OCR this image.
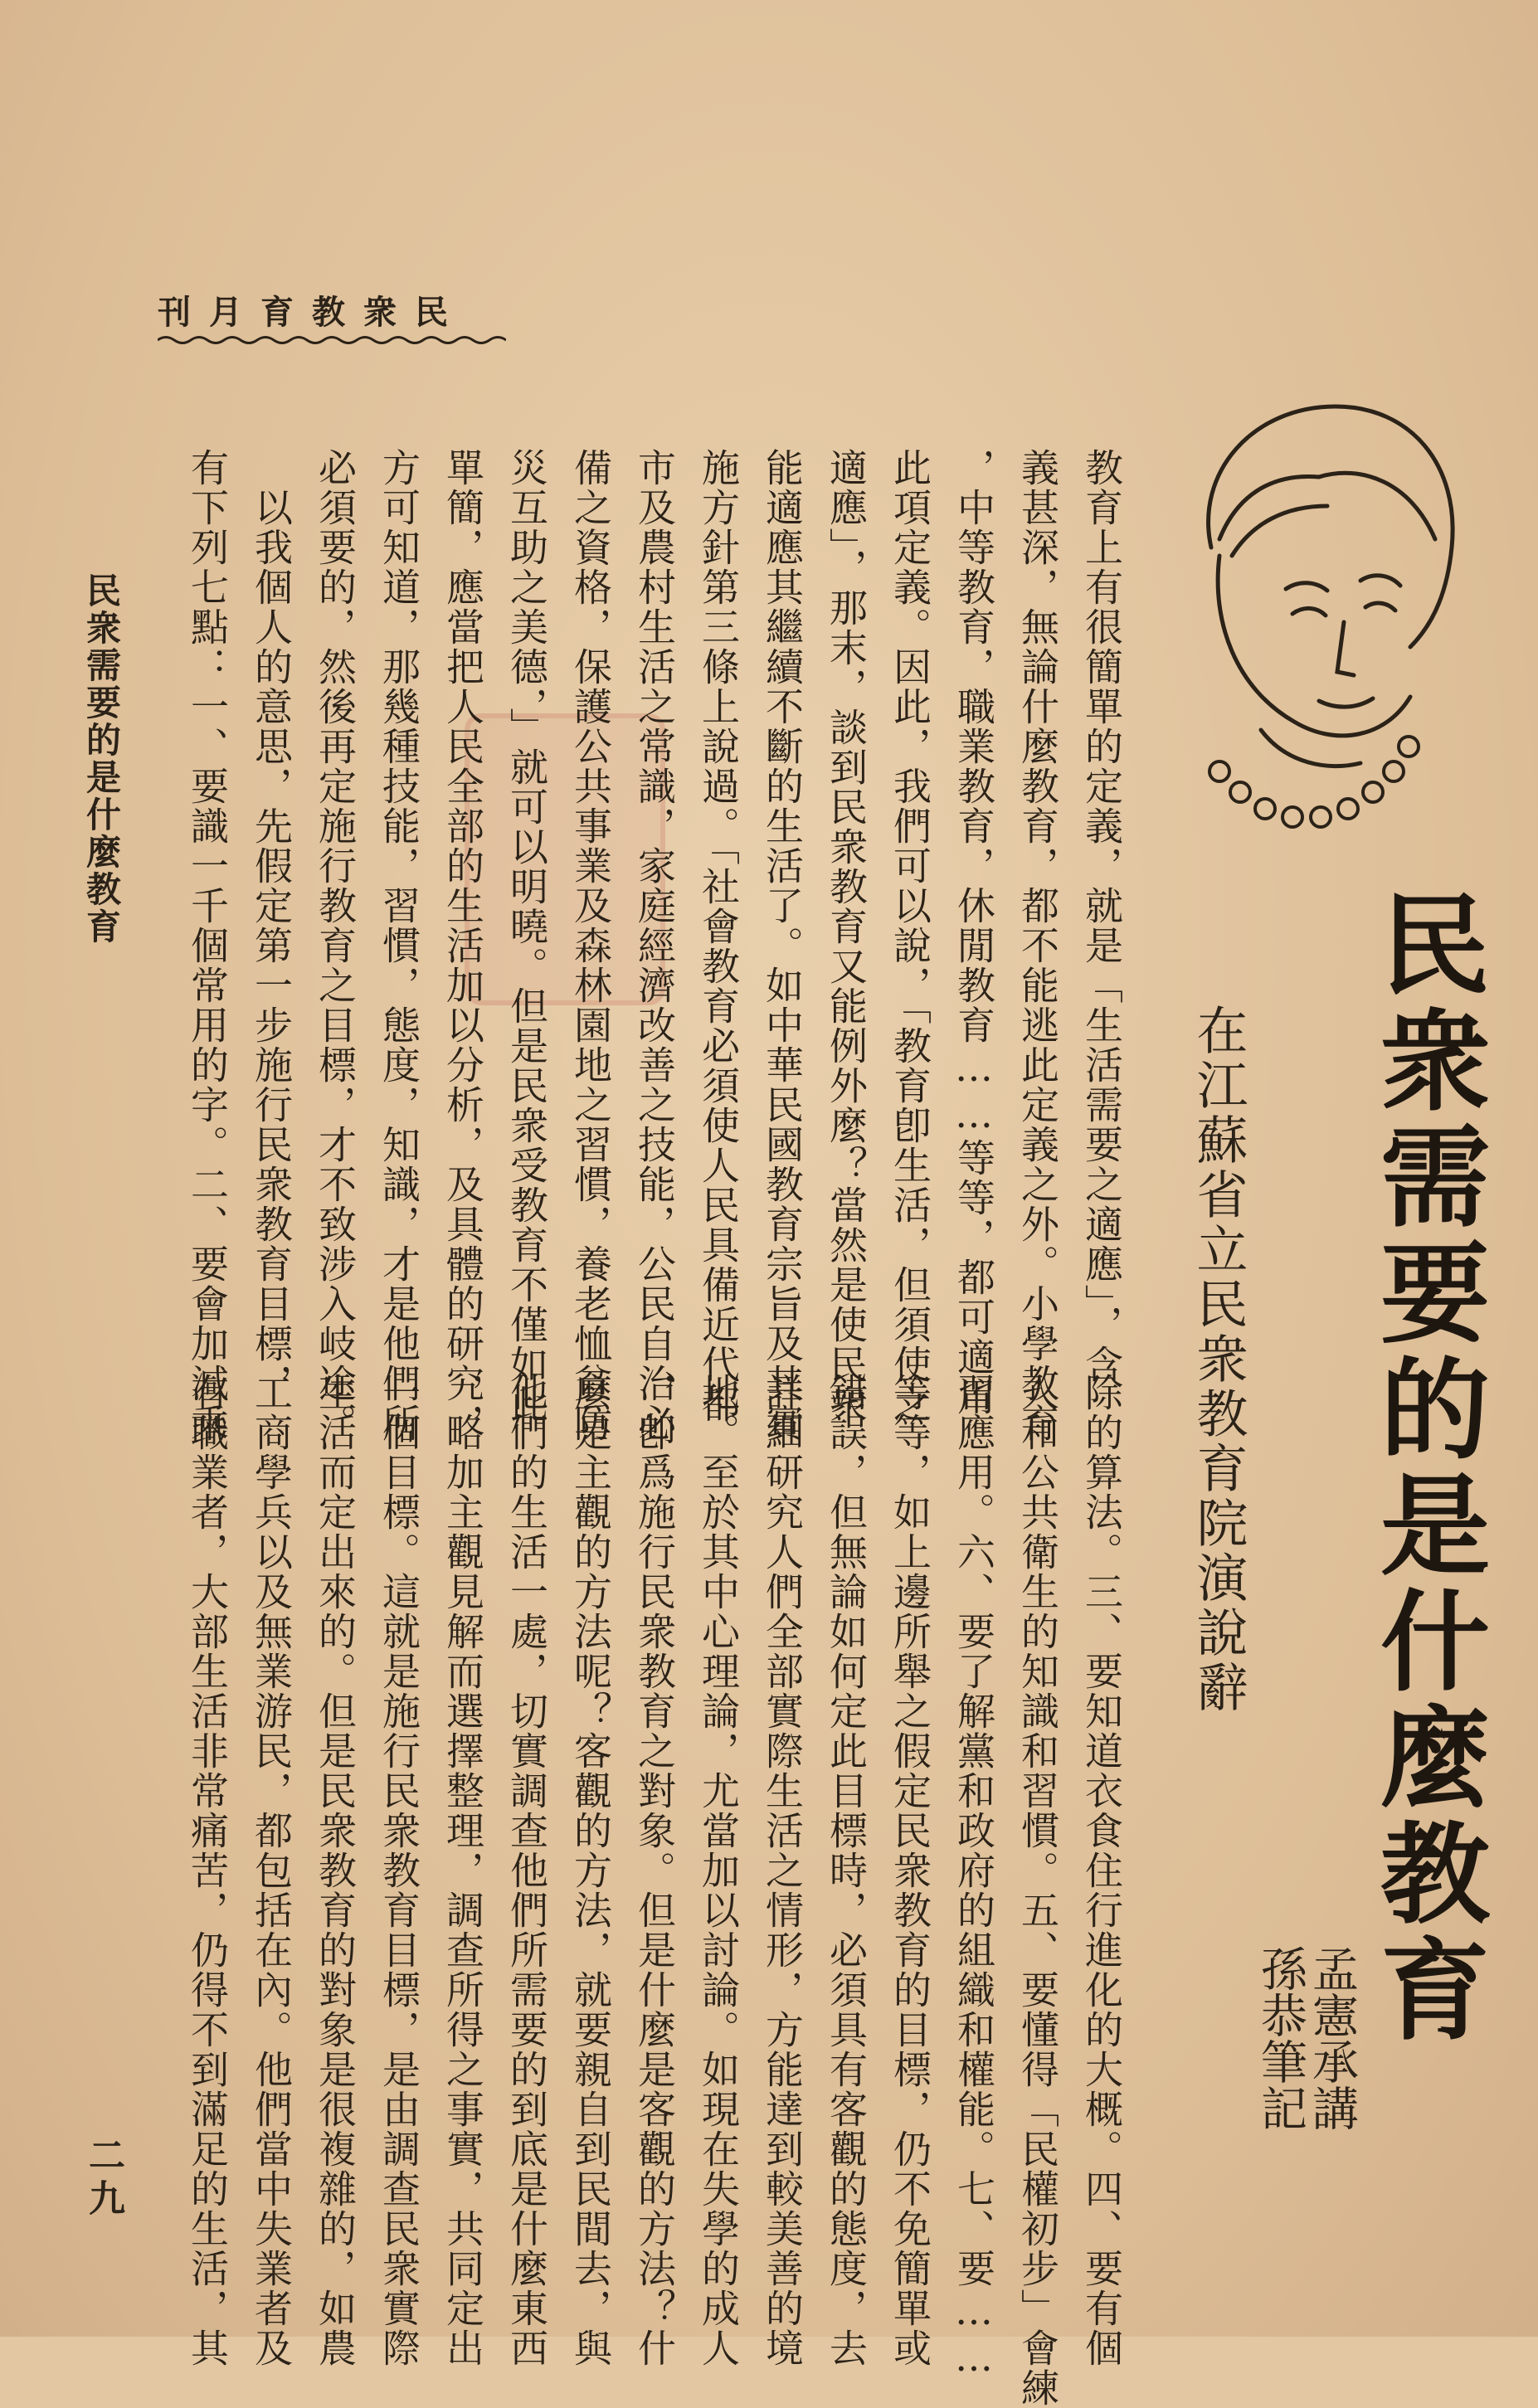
刊月育教衆民
民衆需要的是什麼教育
在江蘇省立民衆教育院演說辭
孟憲承講
孫恭筆記
教育上有很簡單的定義，就是「生活需要之適應」，含
義甚深，無論什麼教育，都不能逃此定義之外。小學教育
，中等教育，職業教育，休閒教育……等等，都可適用
此項定義。因此，我們可以說，「教育卽生活，但須使之
適應」，那末，談到民衆教育又能例外麼？當然是使民衆
能適應其繼續不斷的生活了。如中華民國教育宗旨及其實
施方針第三條上說過。「社會教育必須使人民具備近代都
市及農村生活之常識，家庭經濟改善之技能，公民自治必
備之資格，保護公共事業及森林園地之習慣，養老恤貧防
災互助之美德，」就可以明曉。但是民衆受教育不僅如此
單簡，應當把人民全部的生活加以分析，及具體的研究，
方可知道，那幾種技能，習慣，態度，知識，才是他們所
必須要的，然後再定施行教育之目標，才不致涉入岐途。
　以我個人的意思，先假定第一步施行民衆教育目標，
有下列七點：一、要識一千個常用的字。二、要會加減乘
除的算法。三、要知道衣食住行進化的大概。四、要有個
人和公共衛生的知識和習慣。五、要懂得「民權初步」會練
習應用。六、要了解黨和政府的組織和權能。七、要……
等等，如上邊所舉之假定民衆教育的目標，仍不免簡單或
錯誤，但無論如何定此目標時，必須具有客觀的態度，去
詳細研究人們全部實際生活之情形，方能達到較美善的境
地。至於其中心理論，尤當加以討論。如現在失學的成人
，卽爲施行民衆教育之對象。但是什麼是客觀的方法？什
麼是主觀的方法呢？客觀的方法，就要親自到民間去，與
他們的生活一處，切實調查他們所需要的到底是什麼東西
，略加主觀見解而選擇整理，調查所得之事實，共同定出
一個目標。這就是施行民衆教育目標，是由調查民衆實際
生活而定出來的。但是民衆教育的對象是很複雜的，如農
工商學兵以及無業游民，都包括在內。他們當中失業者及
有職業者，大部生活非常痛苦，仍得不到滿足的生活，其
民衆需要的是什麼教育
二九
